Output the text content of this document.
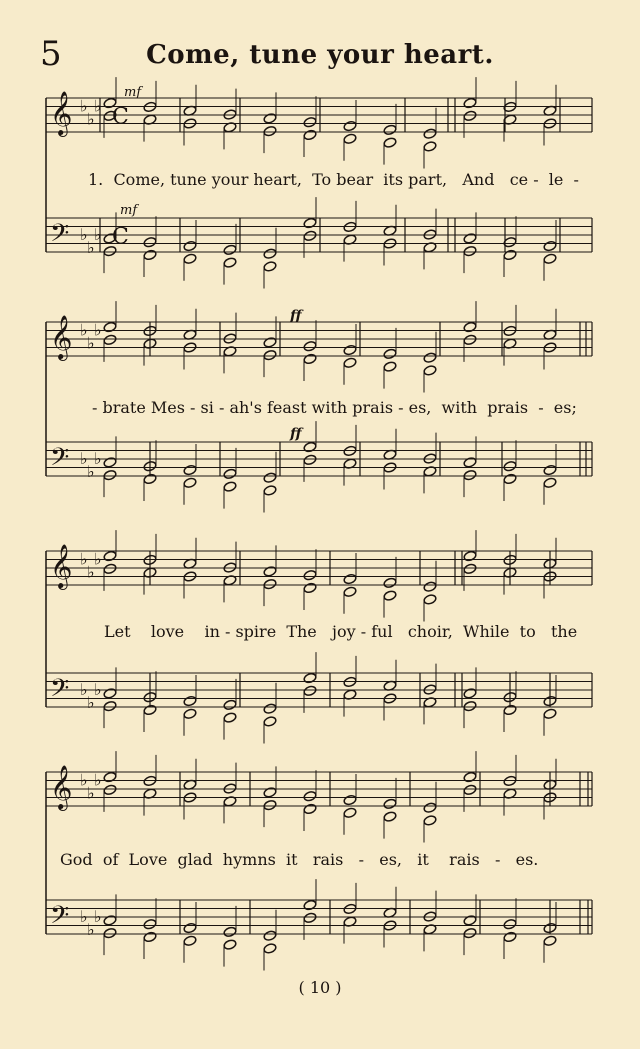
5	Come, tune your heart.
𝄞 ♭
♭
♭
𝄢 ♭
♭
♭
mf
mf
C
C
1.  Come, tune your heart,  To bear  its part,   And   ce -  le  -
𝄞 ♭
♭
♭
𝄢 ♭
♭
♭
ff
ff
- brate Mes - si - ah's feast with prais - es,  with  prais  -  es;
𝄞 ♭
♭
♭
𝄢 ♭
♭
♭
Let    love    in - spire  The   joy - ful   choir,  While  to   the
𝄞 ♭
♭
♭
𝄢 ♭
♭
♭
God  of  Love  glad  hymns  it   rais   -   es,   it    rais   -   es.
( 10 )
